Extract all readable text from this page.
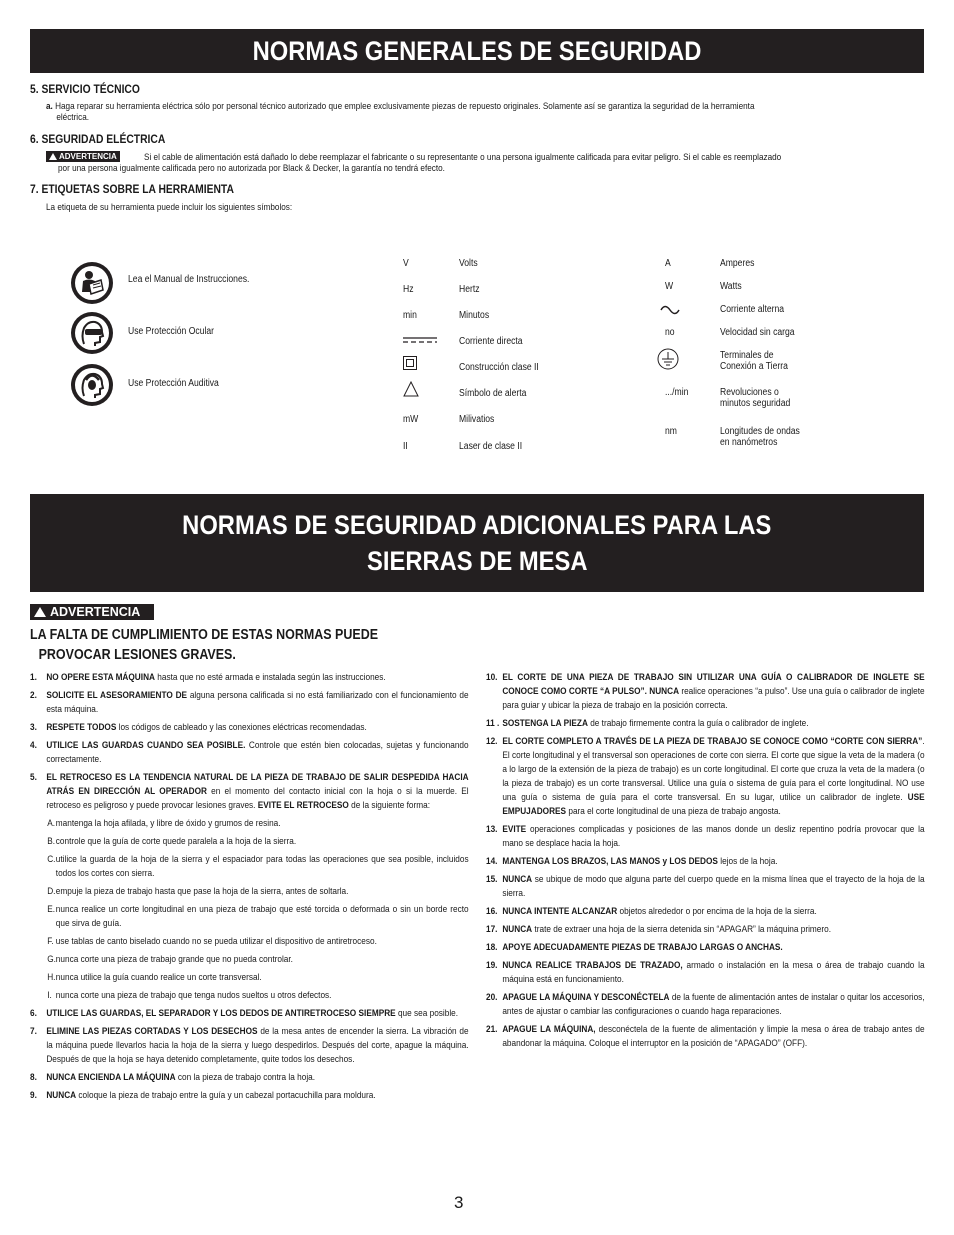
NORMAS GENERALES DE SEGURIDAD
5. SERVICIO TÉCNICO
a. Haga reparar su herramienta eléctrica sólo por personal técnico autorizado que emplee exclusivamente piezas de repuesto originales. Solamente así se garantiza la seguridad de la herramienta
eléctrica.
6. SEGURIDAD ELÉCTRICA
ADVERTENCIA	Si el cable de alimentación está dañado lo debe reemplazar el fabricante o su representante o una persona igualmente calificada para evitar peligro. Si el cable es reemplazado
por una persona igualmente calificada pero no autorizada por Black & Decker, la garantía no tendrá efecto.
7. ETIQUETAS SOBRE LA HERRAMIENTA
La etiqueta de su herramienta puede incluir los siguientes símbolos:
Lea el Manual de Instrucciones.
Use Protección Ocular
Use Protección Auditiva
V	Volts
Hz	Hertz
min	Minutos
Corriente directa
Construcción clase II
Símbolo de alerta
mW	Milivatios
II	Laser de clase II
A	Amperes
W	Watts
Corriente alterna
no	Velocidad sin carga
Terminales de
Conexión a Tierra
.../min	Revoluciones o
minutos seguridad
nm	Longitudes de ondas
en nanómetros
NORMAS DE SEGURIDAD ADICIONALES PARA LAS
SIERRAS DE MESA
ADVERTENCIA
LA FALTA DE CUMPLIMIENTO DE ESTAS NORMAS PUEDE
PROVOCAR LESIONES GRAVES.
1. NO OPERE ESTA MÁQUINA hasta que no esté armada e instalada según las instrucciones.
2. SOLICITE EL ASESORAMIENTO DE alguna persona calificada si no está familiarizado con el funcionamiento de esta máquina.
3. RESPETE TODOS los códigos de cableado y las conexiones eléctricas recomendadas.
4. UTILICE LAS GUARDAS CUANDO SEA POSIBLE. Controle que estén bien colocadas, sujetas y funcionando correctamente.
5. EL RETROCESO ES LA TENDENCIA NATURAL DE LA PIEZA DE TRABAJO DE SALIR DESPEDIDA HACIA ATRÁS EN DIRECCIÓN AL OPERADOR en el momento del contacto inicial con la hoja o si la muerde. El retroceso es peligroso y puede provocar lesiones graves. EVITE EL RETROCESO de la siguiente forma:
A. mantenga la hoja afilada, y libre de óxido y grumos de resina.
B. controle que la guía de corte quede paralela a la hoja de la sierra.
C. utilice la guarda de la hoja de la sierra y el espaciador para todas las operaciones que sea posible, incluidos todos los cortes con sierra.
D. empuje la pieza de trabajo hasta que pase la hoja de la sierra, antes de soltarla.
E. nunca realice un corte longitudinal en una pieza de trabajo que esté torcida o deformada o sin un borde recto que sirva de guía.
F. use tablas de canto biselado cuando no se pueda utilizar el dispositivo de antiretroceso.
G. nunca corte una pieza de trabajo grande que no pueda controlar.
H. nunca utilice la guía cuando realice un corte transversal.
I. nunca corte una pieza de trabajo que tenga nudos sueltos u otros defectos.
6. UTILICE LAS GUARDAS, EL SEPARADOR Y LOS DEDOS DE ANTIRETROCESO SIEMPRE que sea posible.
7. ELIMINE LAS PIEZAS CORTADAS Y LOS DESECHOS de la mesa antes de encender la sierra. La vibración de la máquina puede llevarlos hacia la hoja de la sierra y luego despedirlos. Después del corte, apague la máquina. Después de que la hoja se haya detenido completamente, quite todos los desechos.
8. NUNCA ENCIENDA LA MÁQUINA con la pieza de trabajo contra la hoja.
9. NUNCA coloque la pieza de trabajo entre la guía y un cabezal portacuchilla para moldura.
10. EL CORTE DE UNA PIEZA DE TRABAJO SIN UTILIZAR UNA GUÍA O CALIBRADOR DE INGLETE SE CONOCE COMO CORTE “A PULSO”. NUNCA realice operaciones “a pulso”. Use una guía o calibrador de inglete para guiar y ubicar la pieza de trabajo en la posición correcta.
11 . SOSTENGA LA PIEZA de trabajo firmemente contra la guía o calibrador de inglete.
12. EL CORTE COMPLETO A TRAVÉS DE LA PIEZA DE TRABAJO SE CONOCE COMO “CORTE CON SIERRA”. El corte longitudinal y el transversal son operaciones de corte con sierra. El corte que sigue la veta de la madera (o a lo largo de la extensión de la pieza de trabajo) es un corte longitudinal. El corte que cruza la veta de la madera (o la pieza de trabajo) es un corte transversal. Utilice una guía o sistema de guía para el corte longitudinal. NO use una guía o sistema de guía para el corte transversal. En su lugar, utilice un calibrador de inglete. USE EMPUJADORES para el corte longitudinal de una pieza de trabajo angosta.
13. EVITE operaciones complicadas y posiciones de las manos donde un desliz repentino podría provocar que la mano se desplace hacia la hoja.
14. MANTENGA LOS BRAZOS, LAS MANOS y LOS DEDOS lejos de la hoja.
15. NUNCA se ubique de modo que alguna parte del cuerpo quede en la misma línea que el trayecto de la hoja de la sierra.
16. NUNCA INTENTE ALCANZAR objetos alrededor o por encima de la hoja de la sierra.
17. NUNCA trate de extraer una hoja de la sierra detenida sin “APAGAR” la máquina primero.
18. APOYE ADECUADAMENTE PIEZAS DE TRABAJO LARGAS O ANCHAS.
19. NUNCA REALICE TRABAJOS DE TRAZADO, armado o instalación en la mesa o área de trabajo cuando la máquina está en funcionamiento.
20. APAGUE LA MÁQUINA Y DESCONÉCTELA de la fuente de alimentación antes de instalar o quitar los accesorios, antes de ajustar o cambiar las configuraciones o cuando haga reparaciones.
21. APAGUE LA MÁQUINA, desconéctela de la fuente de alimentación y limpie la mesa o área de trabajo antes de abandonar la máquina. Coloque el interruptor en la posición de “APAGADO” (OFF).
3
